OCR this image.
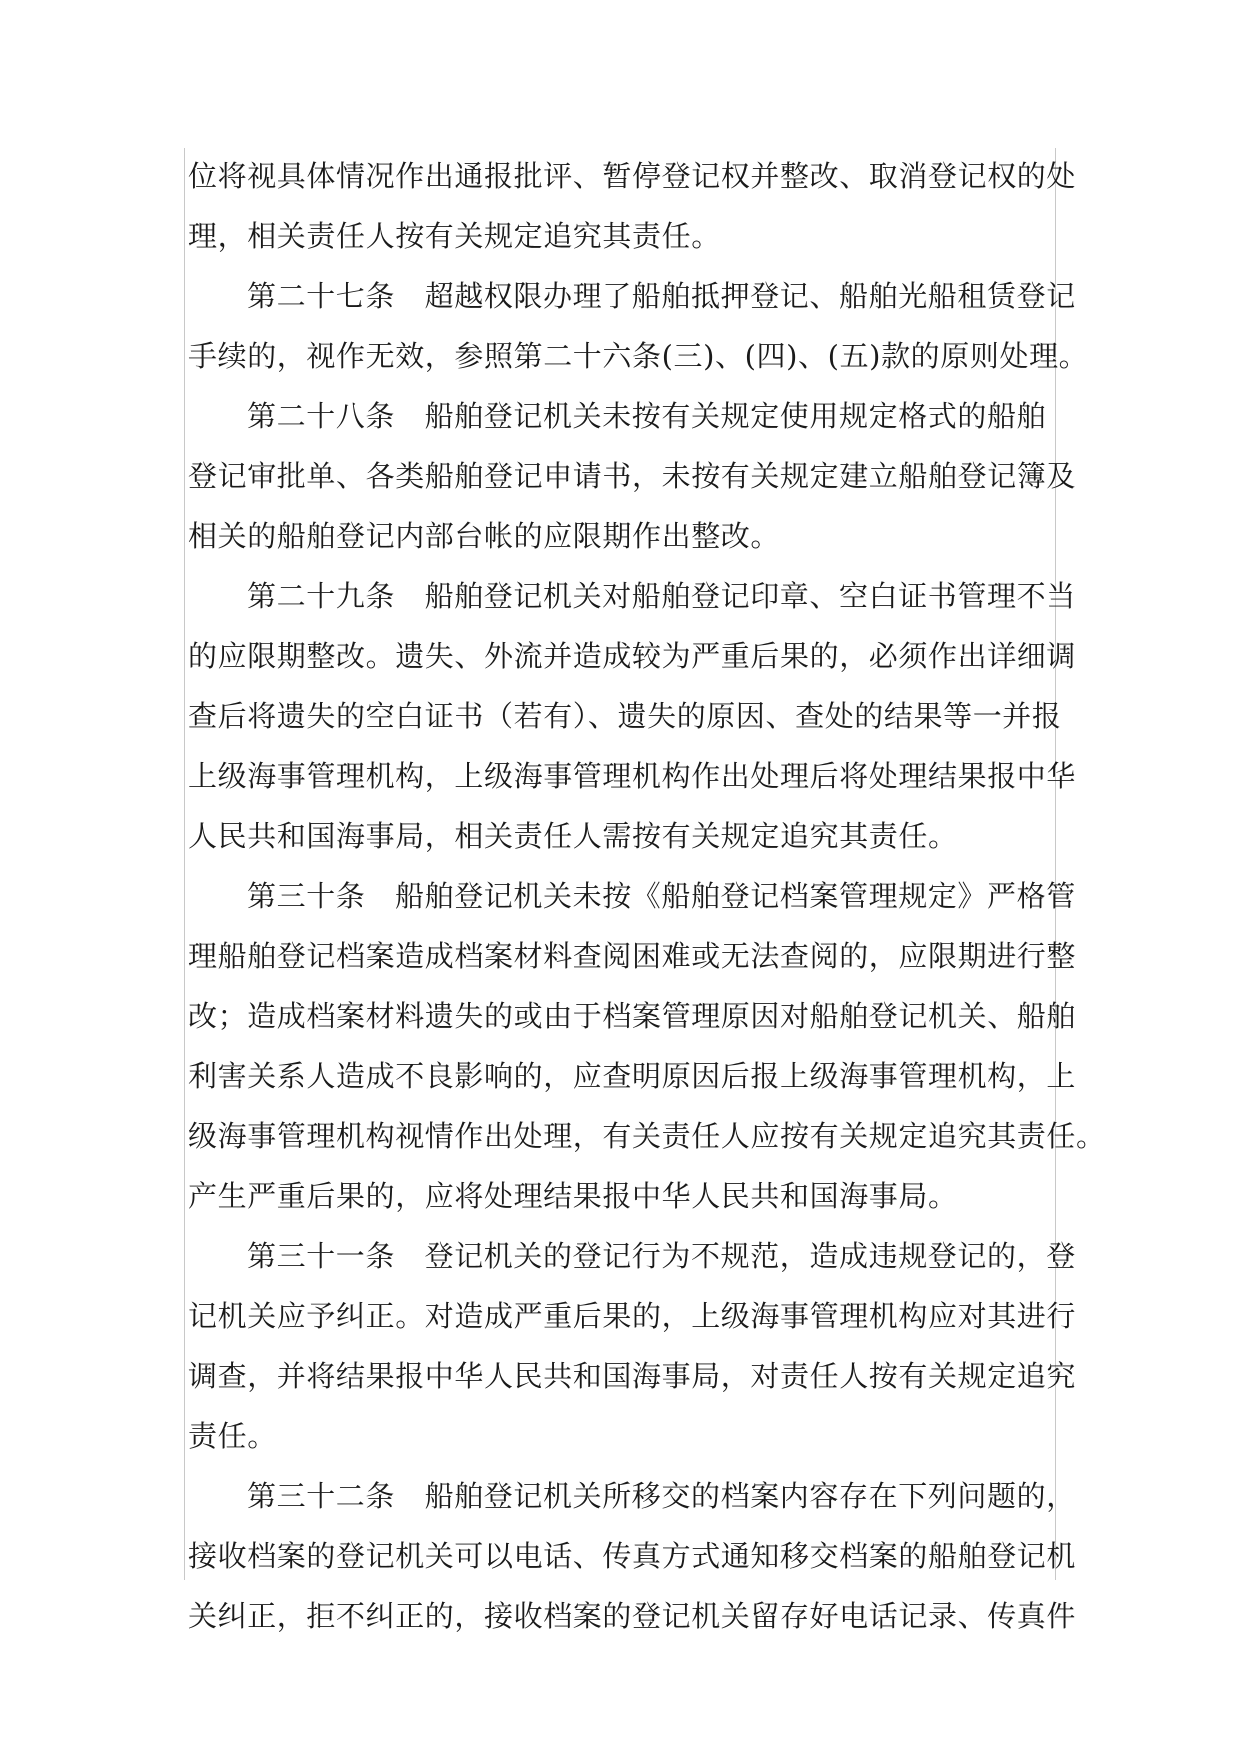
位将视具体情况作出通报批评、暂停登记权并整改、取消登记权的处
理，相关责任人按有关规定追究其责任。
第二十七条　超越权限办理了船舶抵押登记、船舶光船租赁登记
手续的，视作无效，参照第二十六条(三)、(四)、(五)款的原则处理。
第二十八条　船舶登记机关未按有关规定使用规定格式的船舶
登记审批单、各类船舶登记申请书，未按有关规定建立船舶登记簿及
相关的船舶登记内部台帐的应限期作出整改。
第二十九条　船舶登记机关对船舶登记印章、空白证书管理不当
的应限期整改。遗失、外流并造成较为严重后果的，必须作出详细调
查后将遗失的空白证书（若有）、遗失的原因、查处的结果等一并报
上级海事管理机构，上级海事管理机构作出处理后将处理结果报中华
人民共和国海事局，相关责任人需按有关规定追究其责任。
第三十条　船舶登记机关未按《船舶登记档案管理规定》严格管
理船舶登记档案造成档案材料查阅困难或无法查阅的，应限期进行整
改；造成档案材料遗失的或由于档案管理原因对船舶登记机关、船舶
利害关系人造成不良影响的，应查明原因后报上级海事管理机构，上
级海事管理机构视情作出处理，有关责任人应按有关规定追究其责任。
产生严重后果的，应将处理结果报中华人民共和国海事局。
第三十一条　登记机关的登记行为不规范，造成违规登记的，登
记机关应予纠正。对造成严重后果的，上级海事管理机构应对其进行
调查，并将结果报中华人民共和国海事局，对责任人按有关规定追究
责任。
第三十二条　船舶登记机关所移交的档案内容存在下列问题的，
接收档案的登记机关可以电话、传真方式通知移交档案的船舶登记机
关纠正，拒不纠正的，接收档案的登记机关留存好电话记录、传真件
